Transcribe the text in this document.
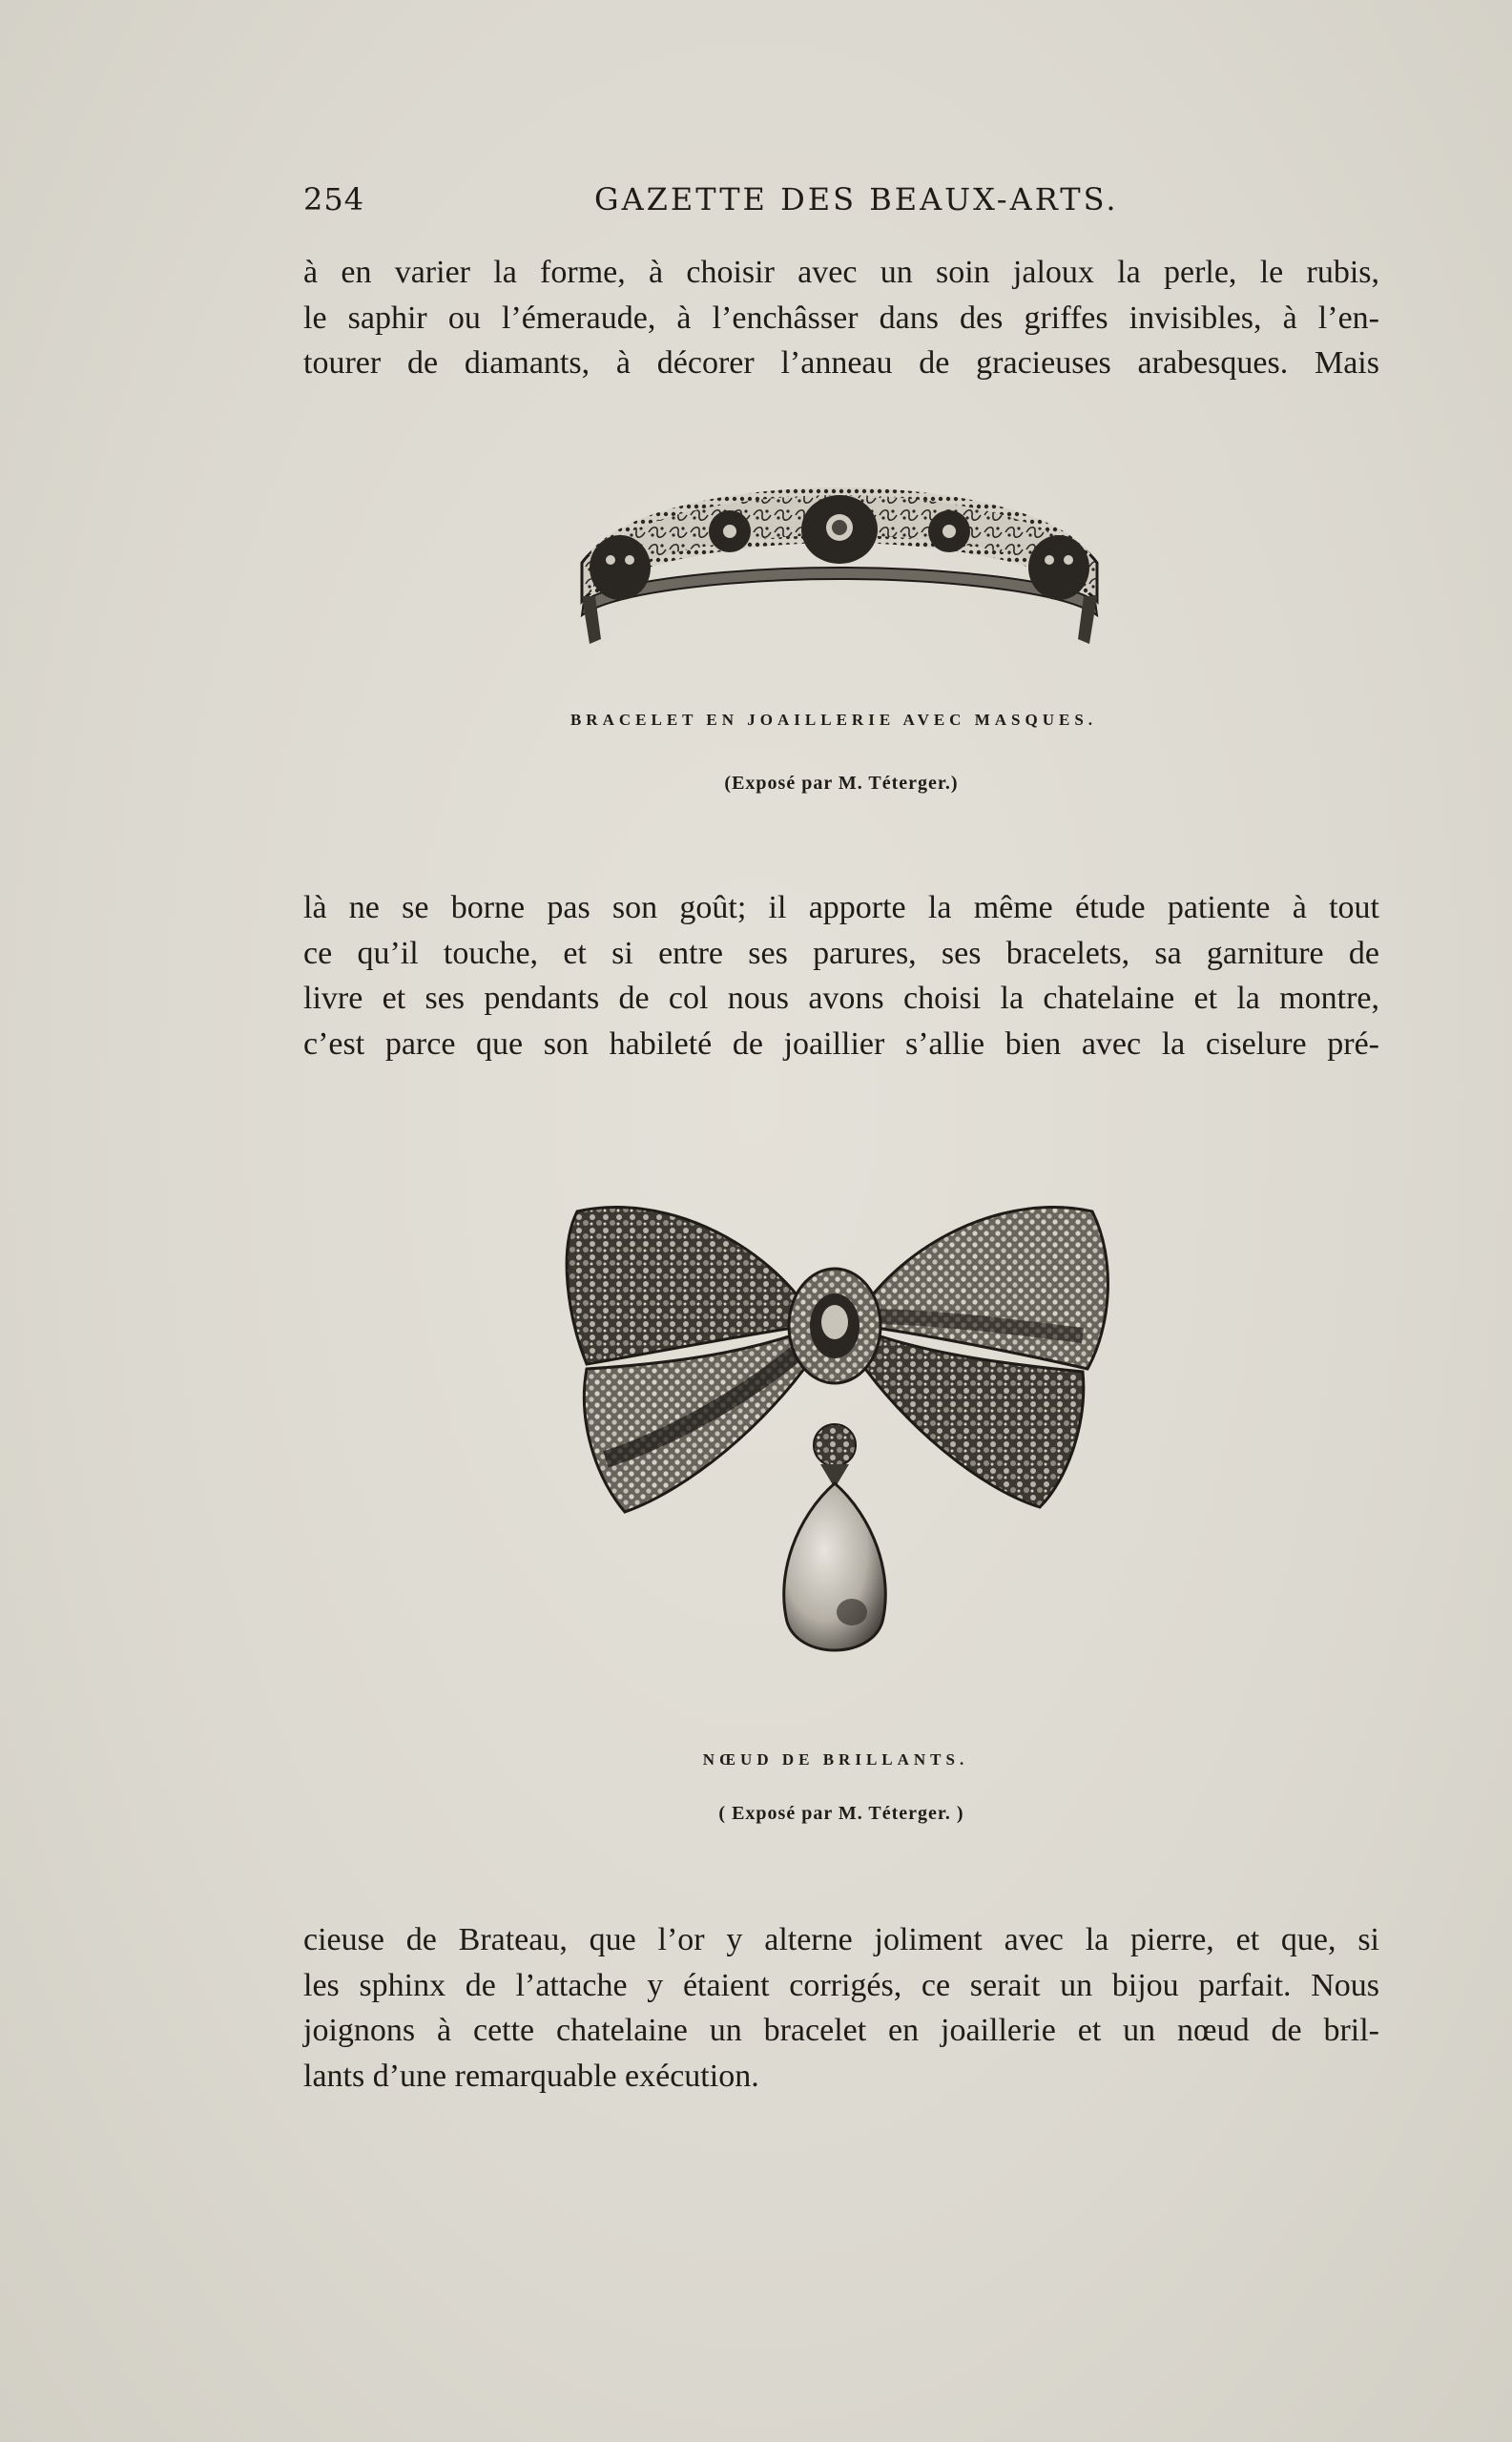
254	GAZETTE DES BEAUX-ARTS.
à en varier la forme, à choisir avec un soin jaloux la perle, le rubis,
le saphir ou l’émeraude, à l’enchâsser dans des griffes invisibles, à l’en-
tourer de diamants, à décorer l’anneau de gracieuses arabesques. Mais
BRACELET EN JOAILLERIE AVEC MASQUES.
(Exposé par M. Téterger.)
là ne se borne pas son goût; il apporte la même étude patiente à tout
ce qu’il touche, et si entre ses parures, ses bracelets, sa garniture de
livre et ses pendants de col nous avons choisi la chatelaine et la montre,
c’est parce que son habileté de joaillier s’allie bien avec la ciselure pré-
NŒUD DE BRILLANTS.
( Exposé par M. Téterger. )
cieuse de Brateau, que l’or y alterne joliment avec la pierre, et que, si
les sphinx de l’attache y étaient corrigés, ce serait un bijou parfait. Nous
joignons à cette chatelaine un bracelet en joaillerie et un nœud de bril-
lants d’une remarquable exécution.
